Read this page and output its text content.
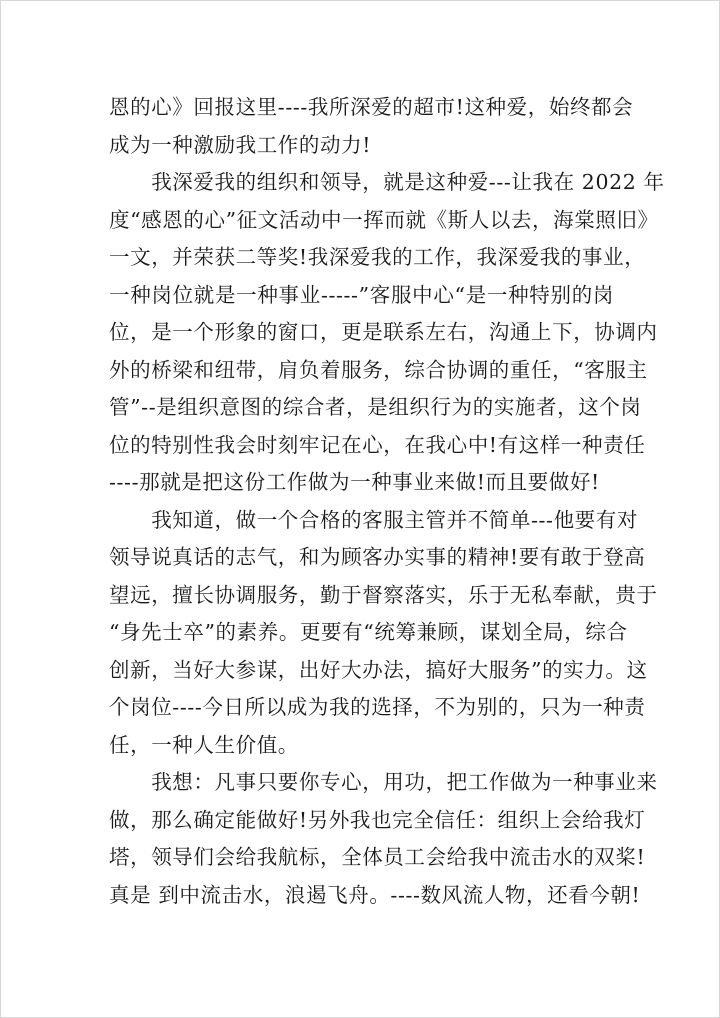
恩的心》回报这里----我所深爱的超市!这种爱，始终都会
成为一种激励我工作的动力!
　　我深爱我的组织和领导，就是这种爱---让我在 2022 年
度“感恩的心”征文活动中一挥而就《斯人以去，海棠照旧》
一文，并荣获二等奖!我深爱我的工作，我深爱我的事业，
一种岗位就是一种事业-----”客服中心“是一种特别的岗
位，是一个形象的窗口，更是联系左右，沟通上下，协调内
外的桥梁和纽带，肩负着服务，综合协调的重任，“客服主
管”--是组织意图的综合者，是组织行为的实施者，这个岗
位的特别性我会时刻牢记在心，在我心中!有这样一种责任
----那就是把这份工作做为一种事业来做!而且要做好!
　　我知道，做一个合格的客服主管并不简单---他要有对
领导说真话的志气，和为顾客办实事的精神!要有敢于登高
望远，擅长协调服务，勤于督察落实，乐于无私奉献，贵于
“身先士卒”的素养。更要有“统筹兼顾，谋划全局，综合
创新，当好大参谋，出好大办法，搞好大服务”的实力。这
个岗位----今日所以成为我的选择，不为别的，只为一种责
任，一种人生价值。
　　我想：凡事只要你专心，用功，把工作做为一种事业来
做，那么确定能做好!另外我也完全信任：组织上会给我灯
塔，领导们会给我航标，全体员工会给我中流击水的双桨!
真是 到中流击水，浪遏飞舟。----数风流人物，还看今朝!
